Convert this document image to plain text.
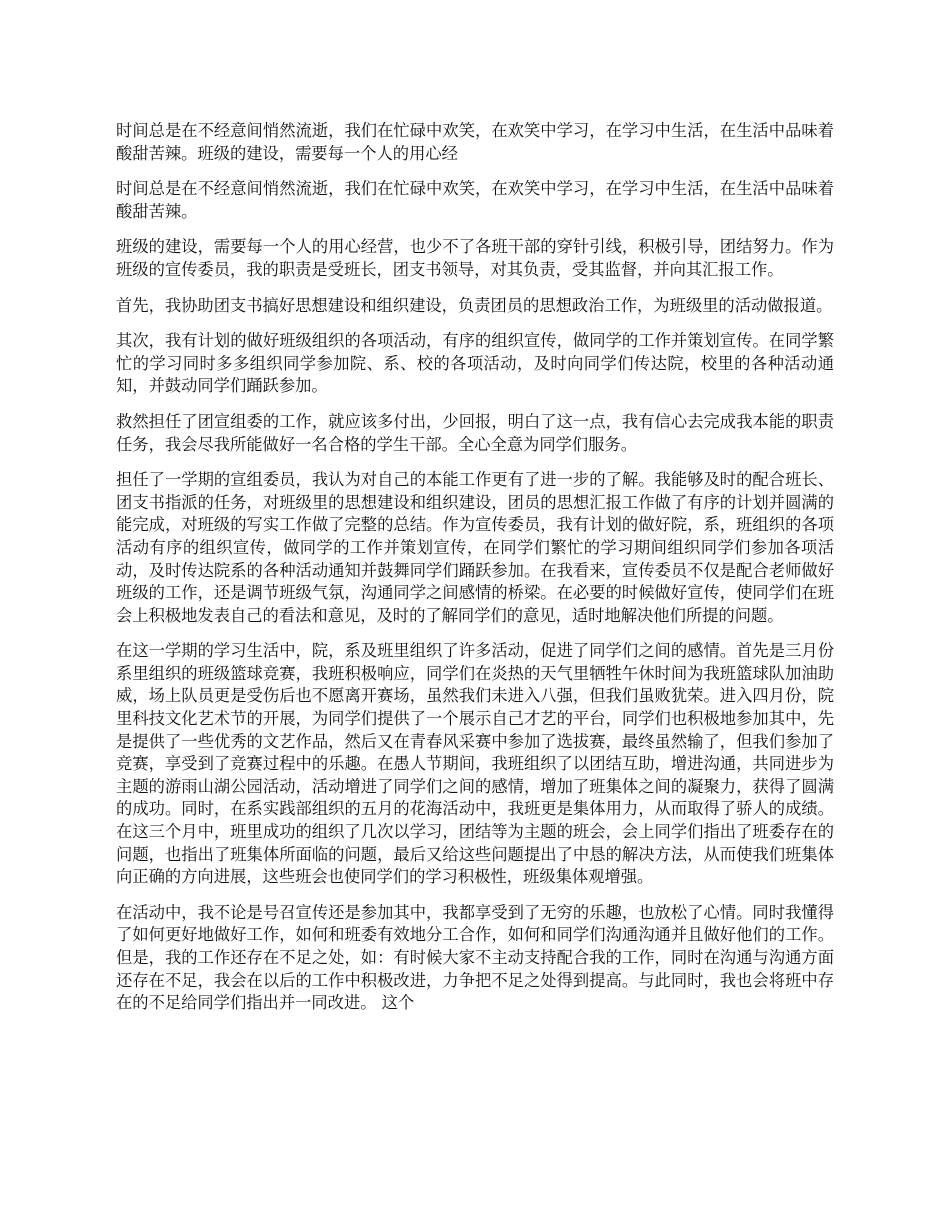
时间总是在不经意间悄然流逝，我们在忙碌中欢笑，在欢笑中学习，在学习中生活，在生活中品味着酸甜苦辣。班级的建设，需要每一个人的用心经

时间总是在不经意间悄然流逝，我们在忙碌中欢笑，在欢笑中学习，在学习中生活，在生活中品味着酸甜苦辣。

班级的建设，需要每一个人的用心经营，也少不了各班干部的穿针引线，积极引导，团结努力。作为班级的宣传委员，我的职责是受班长，团支书领导，对其负责，受其监督，并向其汇报工作。

首先，我协助团支书搞好思想建设和组织建设，负责团员的思想政治工作，为班级里的活动做报道。

其次，我有计划的做好班级组织的各项活动，有序的组织宣传，做同学的工作并策划宣传。在同学繁忙的学习同时多多组织同学参加院、系、校的各项活动，及时向同学们传达院，校里的各种活动通知，并鼓动同学们踊跃参加。

救然担任了团宣组委的工作，就应该多付出，少回报，明白了这一点，我有信心去完成我本能的职责任务，我会尽我所能做好一名合格的学生干部。全心全意为同学们服务。

担任了一学期的宣组委员，我认为对自己的本能工作更有了进一步的了解。我能够及时的配合班长、团支书指派的任务，对班级里的思想建设和组织建设，团员的思想汇报工作做了有序的计划并圆满的能完成，对班级的写实工作做了完整的总结。作为宣传委员，我有计划的做好院，系，班组织的各项活动有序的组织宣传，做同学的工作并策划宣传，在同学们繁忙的学习期间组织同学们参加各项活动，及时传达院系的各种活动通知并鼓舞同学们踊跃参加。在我看来，宣传委员不仅是配合老师做好班级的工作，还是调节班级气氛，沟通同学之间感情的桥梁。在必要的时候做好宣传，使同学们在班会上积极地发表自己的看法和意见，及时的了解同学们的意见，适时地解决他们所提的问题。

在这一学期的学习生活中，院，系及班里组织了许多活动，促进了同学们之间的感情。首先是三月份系里组织的班级篮球竞赛，我班积极响应，同学们在炎热的天气里牺牲午休时间为我班篮球队加油助威，场上队员更是受伤后也不愿离开赛场，虽然我们未进入八强，但我们虽败犹荣。进入四月份，院里科技文化艺术节的开展，为同学们提供了一个展示自己才艺的平台，同学们也积极地参加其中，先是提供了一些优秀的文艺作品，然后又在青春风采赛中参加了选拔赛，最终虽然输了，但我们参加了竞赛，享受到了竞赛过程中的乐趣。在愚人节期间，我班组织了以团结互助，增进沟通，共同进步为主题的游雨山湖公园活动，活动增进了同学们之间的感情，增加了班集体之间的凝聚力，获得了圆满的成功。同时，在系实践部组织的五月的花海活动中，我班更是集体用力，从而取得了骄人的成绩。在这三个月中，班里成功的组织了几次以学习，团结等为主题的班会，会上同学们指出了班委存在的问题，也指出了班集体所面临的问题，最后又给这些问题提出了中恳的解决方法，从而使我们班集体向正确的方向进展，这些班会也使同学们的学习积极性，班级集体观增强。

在活动中，我不论是号召宣传还是参加其中，我都享受到了无穷的乐趣，也放松了心情。同时我懂得了如何更好地做好工作，如何和班委有效地分工合作，如何和同学们沟通沟通并且做好他们的工作。但是，我的工作还存在不足之处，如：有时候大家不主动支持配合我的工作，同时在沟通与沟通方面还存在不足，我会在以后的工作中积极改进，力争把不足之处得到提高。与此同时，我也会将班中存在的不足给同学们指出并一同改进。 这个
